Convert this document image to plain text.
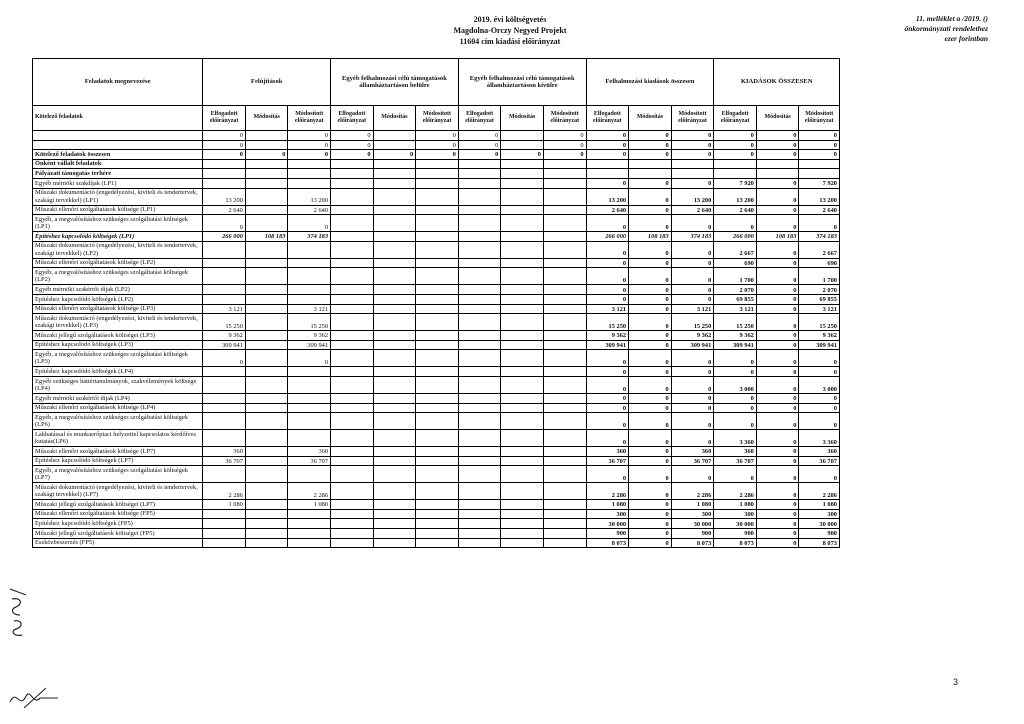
2019. évi költségvetés
Magdolna-Orczy Negyed Projekt
11604 cím kiadási előirányzat
11. melléklet a /2019. ()
önkormányzati rendelethez
ezer forintban
Feladatok megnevezése	Felújítások			Egyéb felhalmozási célú támogatások államháztartáson belülre			Egyéb felhalmozási célú támogatások államháztartáson kívülre			Felhalmozási kiadások összesen			KIADÁSOK ÖSSZESEN		
Kötelező feladatok	Elfogadott előirányzat	Módosítás	Módosított előirányzat	Elfogadott előirányzat	Módosítás	Módosított előirányzat	Elfogadott előirányzat	Módosítás	Módosított előirányzat	Elfogadott előirányzat	Módosítás	Módosított előirányzat	Elfogadott előirányzat	Módosítás	Módosított előirányzat
	0		0	0		0	0		0	0	0	0	0	0	0
	0		0	0		0	0		0	0	0	0	0	0	0
Kötelező feladatok összesen	0	0	0	0	0	0	0	0	0	0	0	0	0	0	0
Önként vállalt feladatok															
Pályázati támogatás terhére															
Egyéb mérnöki szakdíjak (LP1)										0	0	0	7 920	0	7 920
Műszaki dokumentáció (engedélyezési, kiviteli és tendertervek, szakági tervekkel) (LP1)	13 200		13 200							13 200	0	13 200	13 200	0	13 200
Műszaki ellenőri szolgáltatások költsége (LP1)	2 640		2 640							2 640	0	2 640	2 640	0	2 640
Egyéb, a megvalósításhoz szükséges szolgáltatási költségek (LP1)	0		0							0	0	0	0	0	0
Építéshez kapcsolódó költségek (LP1)	266 000	108 183	374 183							266 000	108 183	374 183	266 000	108 183	374 183
Műszaki dokumentáció (engedélyezési, kiviteli és tendertervek, szakági tervekkel) (LP2)										0	0	0	2 667	0	2 667
Műszaki ellenőri szolgáltatások költsége (LP2)										0	0	0	690	0	690
Egyéb, a megvalósításhoz szükséges szolgáltatási költségek (LP2)										0	0	0	1 700	0	1 700
Egyéb mérnöki szakértői díjak (LP2)										0	0	0	2 070	0	2 070
Építéshez kapcsolódó költségek (LP2)										0	0	0	69 855	0	69 855
Műszaki ellenőri szolgáltatások költsége (LP3)	3 121		3 121							3 121	0	3 121	3 121	0	3 121
Műszaki dokumentáció (engedélyezési, kiviteli és tendertervek, szakági tervekkel) (LP3)	15 250		15 250							15 250	0	15 250	15 250	0	15 250
Műszaki jellegű szolgáltatások költségei (LP3)	9 362		9 362							9 362	0	9 362	9 362	0	9 362
Építéshez kapcsolódó költségek (LP3)	309 941		309 941							309 941	0	309 941	309 941	0	309 941
Egyéb, a megvalósításhoz szükséges szolgáltatási költségek (LP3)	0		0							0	0	0	0	0	0
Építéshez kapcsolódó költségek (LP4)										0	0	0	0	0	0
Egyéb szükséges háttértanulmányok, szakvélemények költsége (LP4)										0	0	0	3 000	0	3 000
Egyéb mérnöki szakértői díjak (LP4)										0	0	0	0	0	0
Műszaki ellenőri szolgáltatások költsége (LP4)										0	0	0	0	0	0
Egyéb, a megvalósításhoz szükséges szolgáltatási költségek (LP6)										0	0	0	0	0	0
Lakhatással és munkaerőpiaci helyzettel kapcsolatos kérdőíves kutatás(LP6)										0	0	0	3 360	0	3 360
Műszaki ellenőri szolgáltatások költsége (LP7)	360		360							360	0	360	360	0	360
Építéshez kapcsolódó költségek (LP7)	36 707		36 707							36 707	0	36 707	36 707	0	36 707
Egyéb, a megvalósításhoz szükséges szolgáltatási költségek (LP7)										0	0	0	0	0	0
Műszaki dokumentáció (engedélyezési, kiviteli és tendertervek, szakági tervekkel) (LP7)	2 286		2 286							2 286	0	2 286	2 286	0	2 286
Műszaki jellegű szolgáltatások költségei (LP7)	1 080		1 080							1 080	0	1 080	1 080	0	1 080
Műszaki ellenőri szolgáltatások költsége (FP5)										300	0	300	300	0	300
Építéshez kapcsolódó költségek (FP5)										30 000	0	30 000	30 000	0	30 000
Műszaki jellegű szolgáltatások költségei (FP5)										900	0	900	900	0	900
Eszközbeszerzés (FP5)										8 073	0	8 073	8 073	0	8 073
3
